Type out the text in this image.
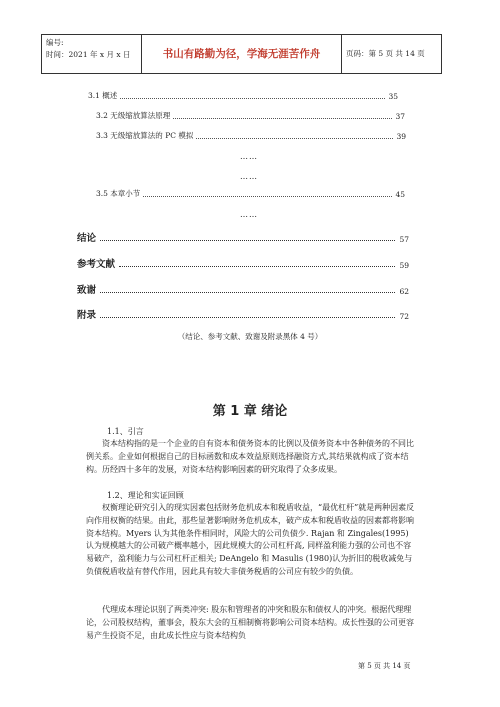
编号:
时间：2021 年 x 月 x 日	书山有路勤为径，学海无涯苦作舟	页码：第 5 页 共 14 页
3.1 概述	35
3.2 无级缩放算法原理	37
3.3 无级缩放算法的 PC 模拟	39
……
……
3.5 本章小节	45
……
结论	57
参考文献	59
致谢	62
附录	72
（结论、参考文献、致谢及附录黑体 4 号）
第 1 章 绪论
1.1、引言

资本结构指的是一个企业的自有资本和债务资本的比例以及债务资本中各种债务的不同比例关系。企业如何根据自己的目标函数和成本效益原则选择融资方式,其结果就构成了资本结构。历经四十多年的发展，对资本结构影响因素的研究取得了众多成果。

1.2、理论和实证回顾

权衡理论研究引入的现实因素包括财务危机成本和税盾收益，“最优杠杆”就是两种因素反向作用权衡的结果。由此，那些显著影响财务危机成本，破产成本和税盾收益的因素都将影响资本结构。Myers 认为其他条件相同时，风险大的公司负债少. Rajan 和 Zingales(1995)认为规模越大的公司破产概率越小，因此规模大的公司杠杆高, 同样盈利能力强的公司也不容易破产，盈利能力与公司杠杆正相关; DeAngelo 和 Masulis (1980)认为折旧的税收减免与负债税盾收益有替代作用，因此具有较大非债务税盾的公司应有较少的负债。

代理成本理论识别了两类冲突: 股东和管理者的冲突和股东和债权人的冲突。根据代理理论，公司股权结构，董事会，股东大会的互相制衡将影响公司资本结构。成长性强的公司更容易产生投资不足，由此成长性应与资本结构负

第 5 页 共 14 页
